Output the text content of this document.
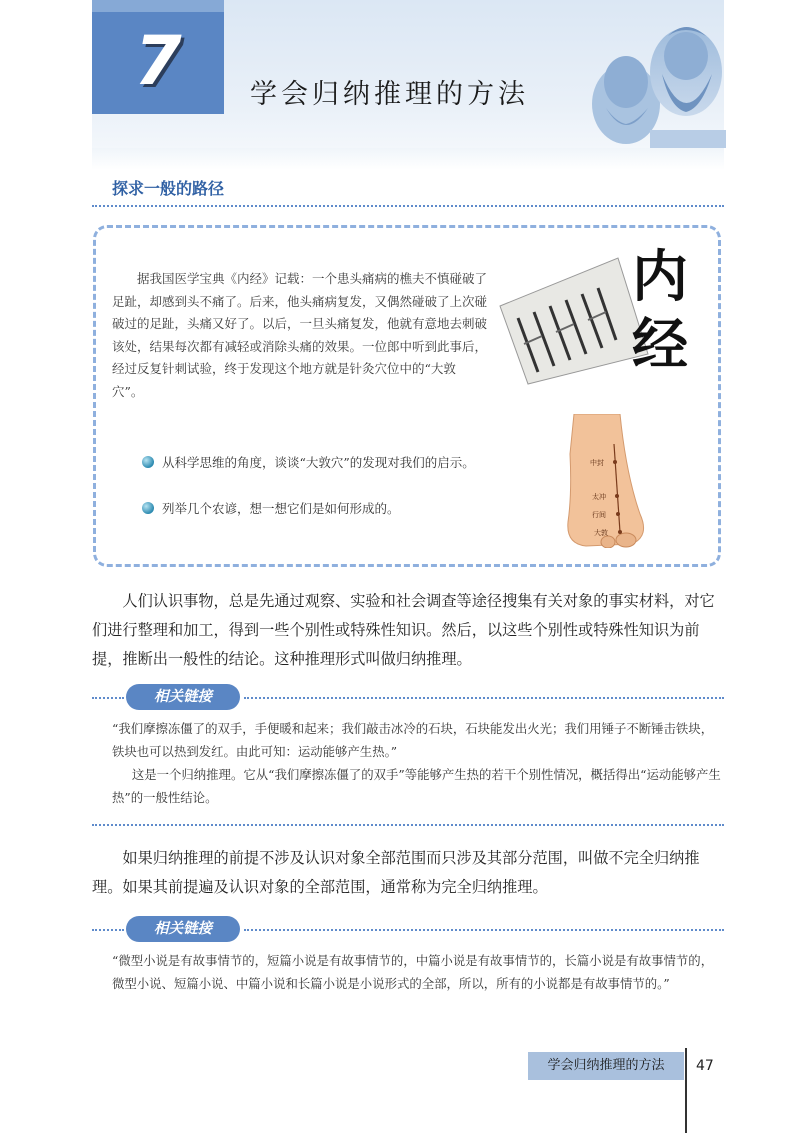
7	学会归纳推理的方法
探求一般的路径

据我国医学宝典《内经》记载：一个患头痛病的樵夫不慎碰破了足趾，却感到头不痛了。后来，他头痛病复发，又偶然碰破了上次碰破过的足趾，头痛又好了。以后，一旦头痛复发，他就有意地去刺破该处，结果每次都有减轻或消除头痛的效果。一位郎中听到此事后，经过反复针刺试验，终于发现这个地方就是针灸穴位中的“大敦穴”。

从科学思维的角度，谈谈“大敦穴”的发现对我们的启示。
列举几个农谚，想一想它们是如何形成的。
内
经
中封
太冲
行间
大敦

人们认识事物，总是先通过观察、实验和社会调查等途径搜集有关对象的事实材料，对它们进行整理和加工，得到一些个别性或特殊性知识。然后，以这些个别性或特殊性知识为前提，推断出一般性的结论。这种推理形式叫做归纳推理。

相关链接

“我们摩擦冻僵了的双手，手便暖和起来；我们敲击冰冷的石块，石块能发出火光；我们用锤子不断锤击铁块，铁块也可以热到发红。由此可知：运动能够产生热。”

这是一个归纳推理。它从“我们摩擦冻僵了的双手”等能够产生热的若干个别性情况，概括得出“运动能够产生热”的一般性结论。

如果归纳推理的前提不涉及认识对象全部范围而只涉及其部分范围，叫做不完全归纳推理。如果其前提遍及认识对象的全部范围，通常称为完全归纳推理。

相关链接

“微型小说是有故事情节的，短篇小说是有故事情节的，中篇小说是有故事情节的，长篇小说是有故事情节的，微型小说、短篇小说、中篇小说和长篇小说是小说形式的全部，所以，所有的小说都是有故事情节的。”

学会归纳推理的方法	47
